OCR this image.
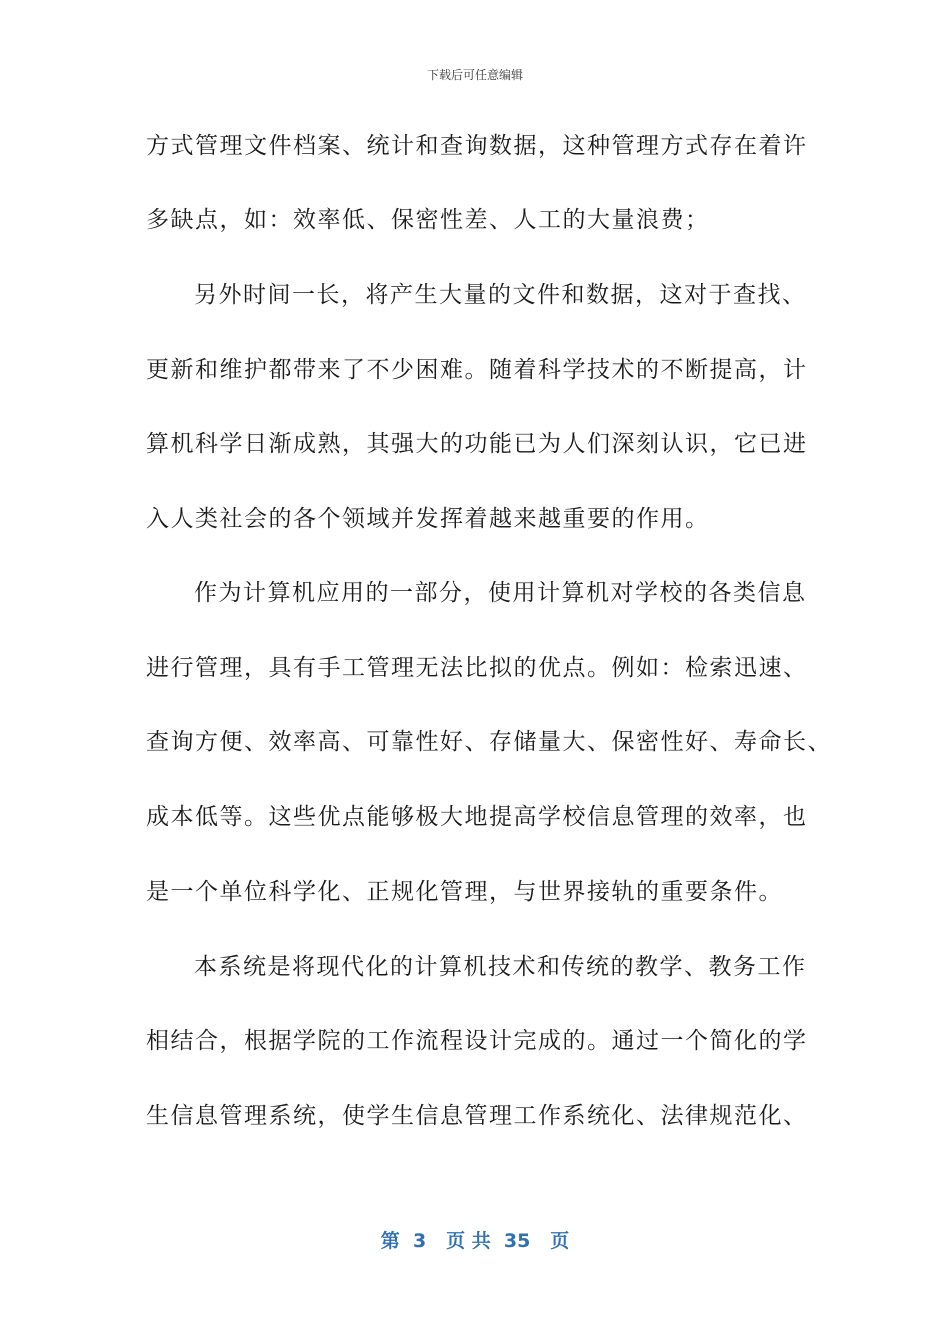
下载后可任意编辑
方式管理文件档案、统计和查询数据，这种管理方式存在着许
多缺点，如：效率低、保密性差、人工的大量浪费；
另外时间一长，将产生大量的文件和数据，这对于查找、
更新和维护都带来了不少困难。随着科学技术的不断提高，计
算机科学日渐成熟，其强大的功能已为人们深刻认识，它已进
入人类社会的各个领域并发挥着越来越重要的作用。
作为计算机应用的一部分，使用计算机对学校的各类信息
进行管理，具有手工管理无法比拟的优点。例如：检索迅速、
查询方便、效率高、可靠性好、存储量大、保密性好、寿命长、
成本低等。这些优点能够极大地提高学校信息管理的效率，也
是一个单位科学化、正规化管理，与世界接轨的重要条件。
本系统是将现代化的计算机技术和传统的教学、教务工作
相结合，根据学院的工作流程设计完成的。通过一个简化的学
生信息管理系统，使学生信息管理工作系统化、法律规范化、
第  3   页 共  35   页
